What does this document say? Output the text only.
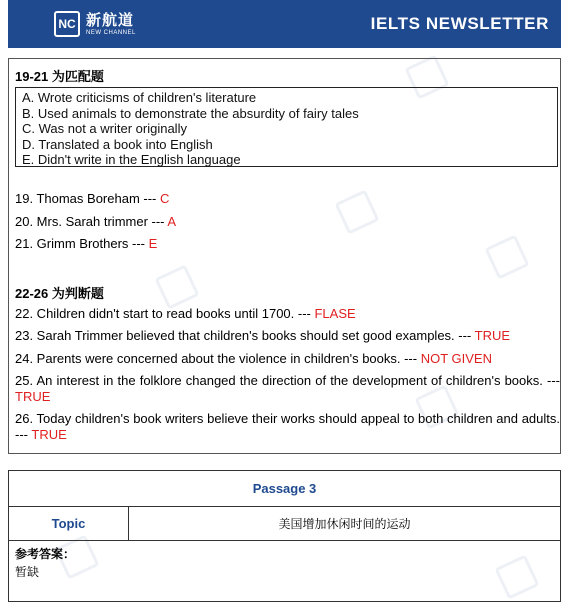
NC 新航道
NEW CHANNEL	IELTS NEWSLETTER
19-21 为匹配题
A. Wrote criticisms of children's literature
B. Used animals to demonstrate the absurdity of fairy tales
C. Was not a writer originally
D. Translated a book into English
E. Didn't write in the English language
19. Thomas Boreham --- C
20. Mrs. Sarah trimmer --- A
21. Grimm Brothers --- E
22-26 为判断题
22. Children didn't start to read books until 1700. --- FLASE
23. Sarah Trimmer believed that children's books should set good examples. --- TRUE
24. Parents were concerned about the violence in children's books. --- NOT GIVEN
25. An interest in the folklore changed the direction of the development of children's books. --- TRUE
26. Today children's book writers believe their works should appeal to both children and adults. --- TRUE
Passage 3
Topic	美国增加休闲时间的运动
参考答案：
暂缺
